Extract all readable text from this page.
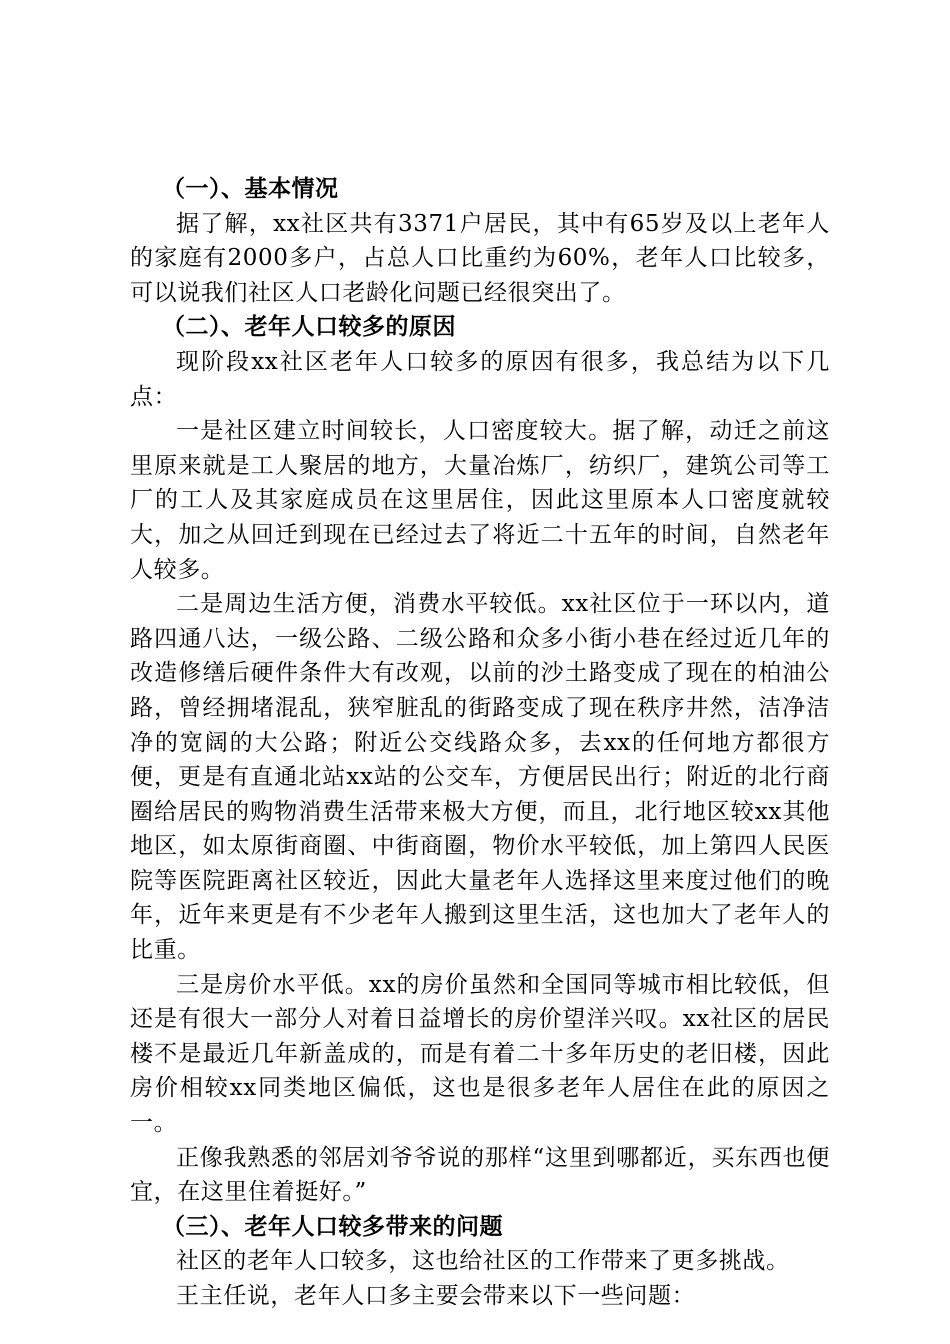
（一）、基本情况

据了解，xx社区共有3371户居民，其中有65岁及以上老年人的家庭有2000多户，占总人口比重约为60%，老年人口比较多，可以说我们社区人口老龄化问题已经很突出了。

（二）、老年人口较多的原因

现阶段xx社区老年人口较多的原因有很多，我总结为以下几点：

一是社区建立时间较长，人口密度较大。据了解，动迁之前这里原来就是工人聚居的地方，大量冶炼厂，纺织厂，建筑公司等工厂的工人及其家庭成员在这里居住，因此这里原本人口密度就较大，加之从回迁到现在已经过去了将近二十五年的时间，自然老年人较多。

二是周边生活方便，消费水平较低。xx社区位于一环以内，道路四通八达，一级公路、二级公路和众多小街小巷在经过近几年的改造修缮后硬件条件大有改观，以前的沙土路变成了现在的柏油公路，曾经拥堵混乱，狭窄脏乱的街路变成了现在秩序井然，洁净洁净的宽阔的大公路；附近公交线路众多，去xx的任何地方都很方便，更是有直通北站xx站的公交车，方便居民出行；附近的北行商圈给居民的购物消费生活带来极大方便，而且，北行地区较xx其他地区，如太原街商圈、中街商圈，物价水平较低，加上第四人民医院等医院距离社区较近，因此大量老年人选择这里来度过他们的晚年，近年来更是有不少老年人搬到这里生活，这也加大了老年人的比重。

三是房价水平低。xx的房价虽然和全国同等城市相比较低，但还是有很大一部分人对着日益增长的房价望洋兴叹。xx社区的居民楼不是最近几年新盖成的，而是有着二十多年历史的老旧楼，因此房价相较xx同类地区偏低，这也是很多老年人居住在此的原因之一。

正像我熟悉的邻居刘爷爷说的那样“这里到哪都近，买东西也便宜，在这里住着挺好。”

（三）、老年人口较多带来的问题

社区的老年人口较多，这也给社区的工作带来了更多挑战。

王主任说，老年人口多主要会带来以下一些问题：
